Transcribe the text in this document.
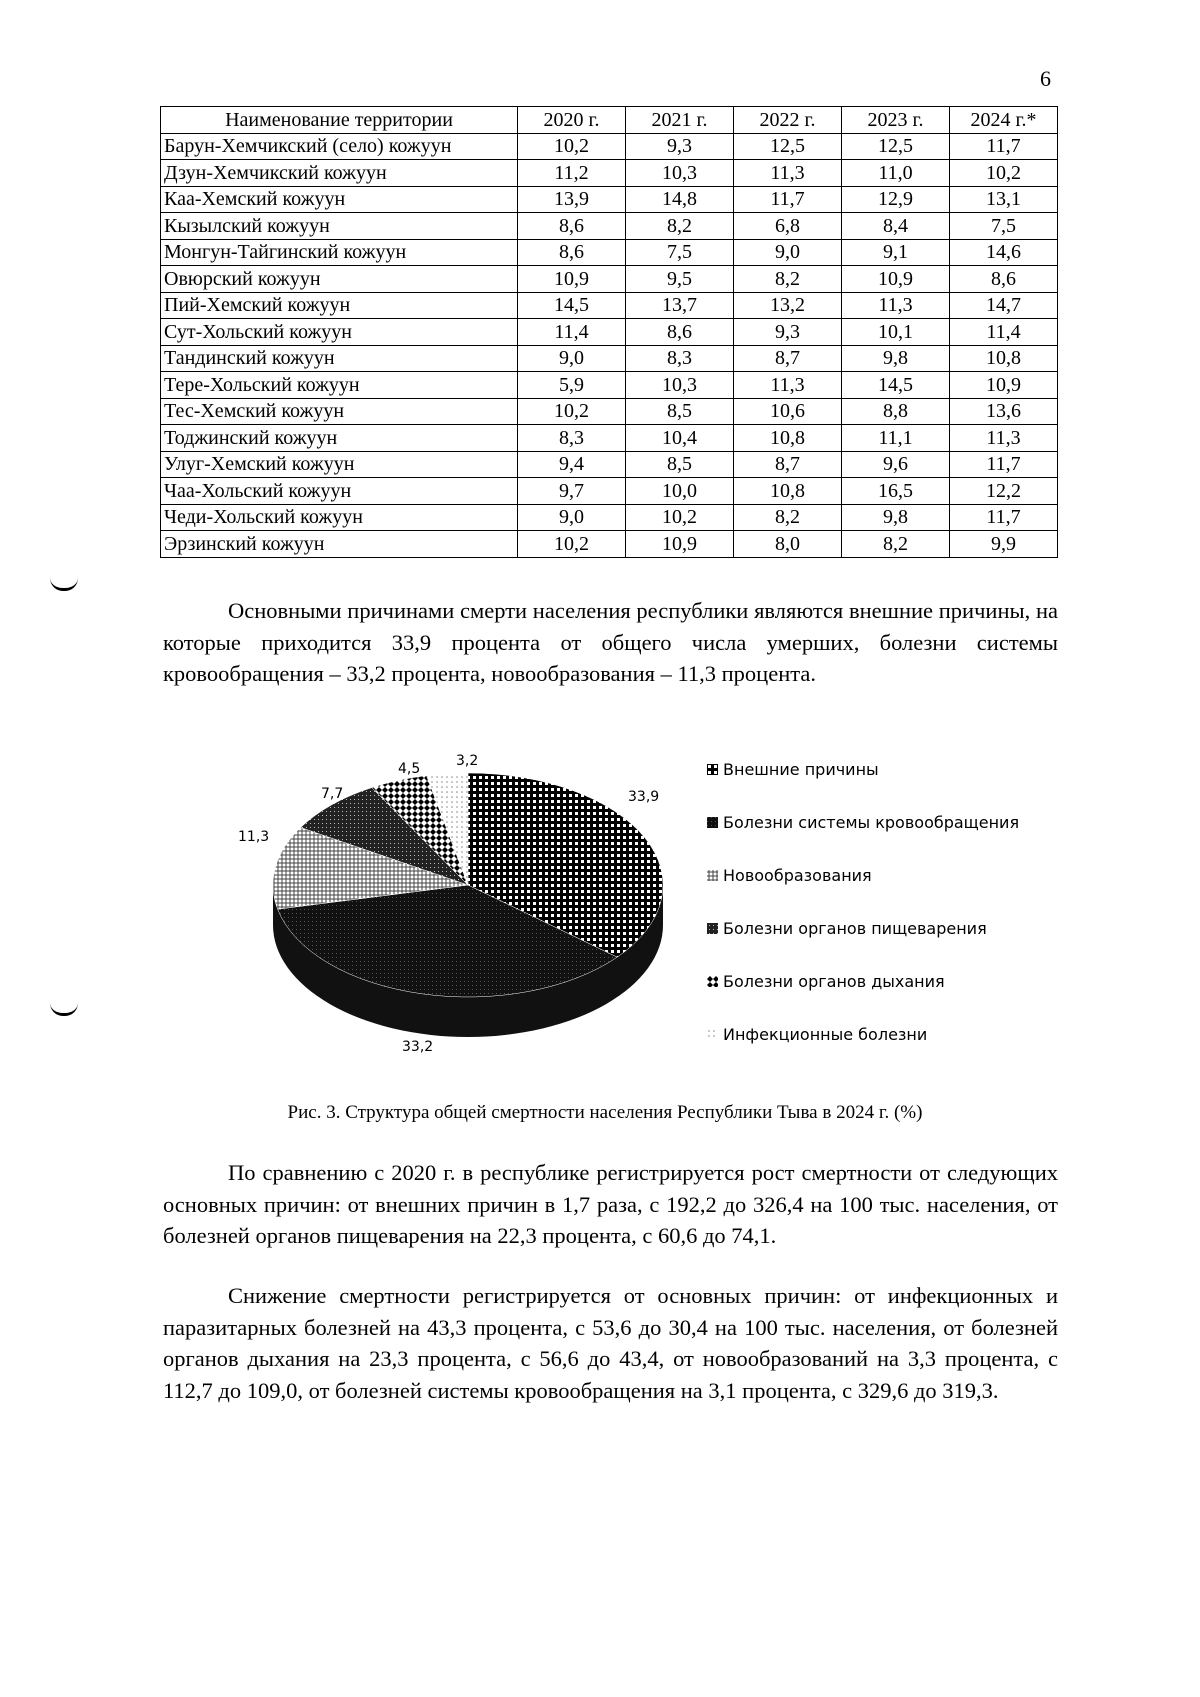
6
Наименование территории	2020 г.	2021 г.	2022 г.	2023 г.	2024 г.*
Барун-Хемчикский (село) кожуун	10,2	9,3	12,5	12,5	11,7
Дзун-Хемчикский кожуун	11,2	10,3	11,3	11,0	10,2
Каа-Хемский кожуун	13,9	14,8	11,7	12,9	13,1
Кызылский кожуун	8,6	8,2	6,8	8,4	7,5
Монгун-Тайгинский кожуун	8,6	7,5	9,0	9,1	14,6
Овюрский кожуун	10,9	9,5	8,2	10,9	8,6
Пий-Хемский кожуун	14,5	13,7	13,2	11,3	14,7
Сут-Хольский кожуун	11,4	8,6	9,3	10,1	11,4
Тандинский кожуун	9,0	8,3	8,7	9,8	10,8
Тере-Хольский кожуун	5,9	10,3	11,3	14,5	10,9
Тес-Хемский кожуун	10,2	8,5	10,6	8,8	13,6
Тоджинский кожуун	8,3	10,4	10,8	11,1	11,3
Улуг-Хемский кожуун	9,4	8,5	8,7	9,6	11,7
Чаа-Хольский кожуун	9,7	10,0	10,8	16,5	12,2
Чеди-Хольский кожуун	9,0	10,2	8,2	9,8	11,7
Эрзинский кожуун	10,2	10,9	8,0	8,2	9,9

Основными причинами смерти населения республики являются внешние причины, на которые приходится 33,9 процента от общего числа умерших, болезни системы кровообращения – 33,2 процента, новообразования – 11,3 процента.

3,2
4,5
7,7
11,3
33,9
33,2
Внешние причины
Болезни системы кровообращения
Новообразования
Болезни органов пищеварения
Болезни органов дыхания
Инфекционные болезни
Рис. 3. Структура общей смертности населения Республики Тыва в 2024 г. (%)

По сравнению с 2020 г. в республике регистрируется рост смертности от следующих основных причин: от внешних причин в 1,7 раза, с 192,2 до 326,4 на 100 тыс. населения, от болезней органов пищеварения на 22,3 процента, с 60,6 до 74,1.

Снижение смертности регистрируется от основных причин: от инфекционных и паразитарных болезней на 43,3 процента, с 53,6 до 30,4 на 100 тыс. населения, от болезней органов дыхания на 23,3 процента, с 56,6 до 43,4, от новообразований на 3,3 процента, с 112,7 до 109,0, от болезней системы кровообращения на 3,1 процента, с 329,6 до 319,3.
